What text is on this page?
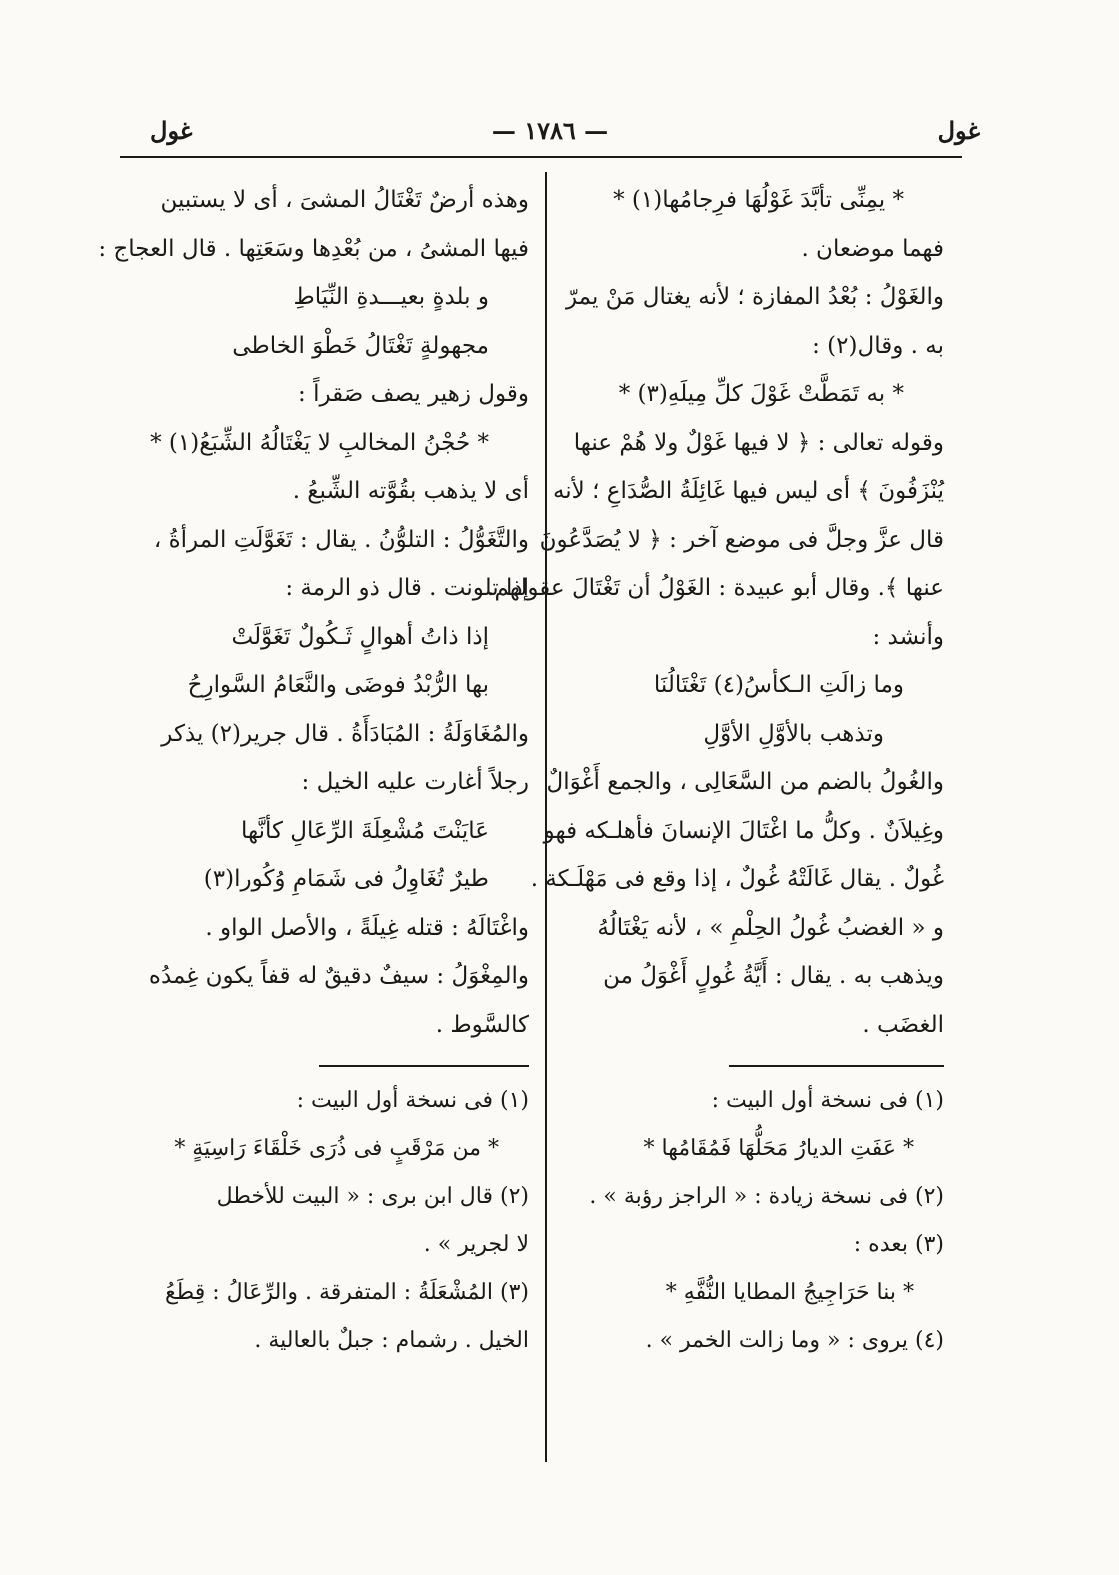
غول
— ١٧٨٦ —
غول
* يمِنِّى تأبَّدَ غَوْلُهَا فرِجامُها(١) *
فهما موضعان .
والغَوْلُ : بُعْدُ المفازة ؛ لأنه يغتال مَنْ يمرّ
به . وقال(٢) :
* به تَمَطَّتْ غَوْلَ كلِّ مِيلَهِ(٣) *
وقوله تعالى : ﴿ لا فيها غَوْلٌ ولا هُمْ عنها
يُنْزَفُونَ ﴾ أى ليس فيها غَائِلَةُ الصُّدَاعِ ؛ لأنه
قال عزَّ وجلَّ فى موضع آخر : ﴿ لا يُصَدَّعُونَ
عنها ﴾. وقال أبو عبيدة : الغَوْلُ أن تَغْتَالَ عقولهم.
وأنشد :
وما زالَتِ الـكأسُ(٤) تَغْتَالُنَا
وتذهب بالأوَّلِ الأوَّلِ
والغُولُ بالضم من السَّعَالِى ، والجمع أَغْوَالٌ
وغِيلاَنٌ . وكلُّ ما اغْتَالَ الإنسانَ فأهلـكه فهو
غُولٌ . يقال غَالَتْهُ غُولٌ ، إذا وقع فى مَهْلَـكة .
و « الغضبُ غُولُ الحِلْمِ » ، لأنه يَغْتَالُهُ
ويذهب به . يقال : أَيَّةُ غُولٍ أَغْوَلُ من
الغضَب .
(١) فى نسخة أول البيت :
* عَفَتِ الديارُ مَحَلُّهَا فَمُقَامُها *
(٢) فى نسخة زيادة : « الراجز رؤبة » .
(٣) بعده :
* بنا حَرَاجِيجُ المطايا النُّفَّهِ *
(٤) يروى : « وما زالت الخمر » .
وهذه أرضٌ تَغْتَالُ المشىَ ، أى لا يستبين
فيها المشىُ ، من بُعْدِها وسَعَتِها . قال العجاج :
و بلدةٍ بعيـــدةِ النِّيَاطِ
مجهولةٍ تَغْتَالُ خَطْوَ الخاطى
وقول زهير يصف صَقراً :
* حُجْنُ المخالبِ لا يَغْتَالُهُ الشِّبَعُ(١) *
أى لا يذهب بقُوَّته الشِّبعُ .
والتَّغَوُّلُ : التلوُّنُ . يقال : تَغَوَّلَتِ المرأةُ ،
إذا تلونت . قال ذو الرمة :
إذا ذاتُ أهوالٍ ثَـكُولٌ تَغَوَّلَتْ
بها الرُّبْدُ فوضَى والنَّعَامُ السَّوارِحُ
والمُغَاوَلَةُ : المُبَادَأَةُ . قال جرير(٢) يذكر
رجلاً أغارت عليه الخيل :
عَايَنْتَ مُشْعِلَةَ الرِّعَالِ كأنَّها
طيرٌ تُغَاوِلُ فى شَمَامِ وُكُورا(٣)
واغْتَالَهُ : قتله غِيلَةً ، والأصل الواو .
والمِغْوَلُ : سيفٌ دقيقٌ له قفاً يكون غِمدُه
كالسَّوط .
(١) فى نسخة أول البيت :
* من مَرْقَبٍ فى ذُرَى خَلْقَاءَ رَاسِيَةٍ *
(٢) قال ابن برى : « البيت للأخطل
لا لجرير » .
(٣) المُشْعَلَةُ : المتفرقة . والرِّعَالُ : قِطَعُ
الخيل . رشمام : جبلٌ بالعالية .
